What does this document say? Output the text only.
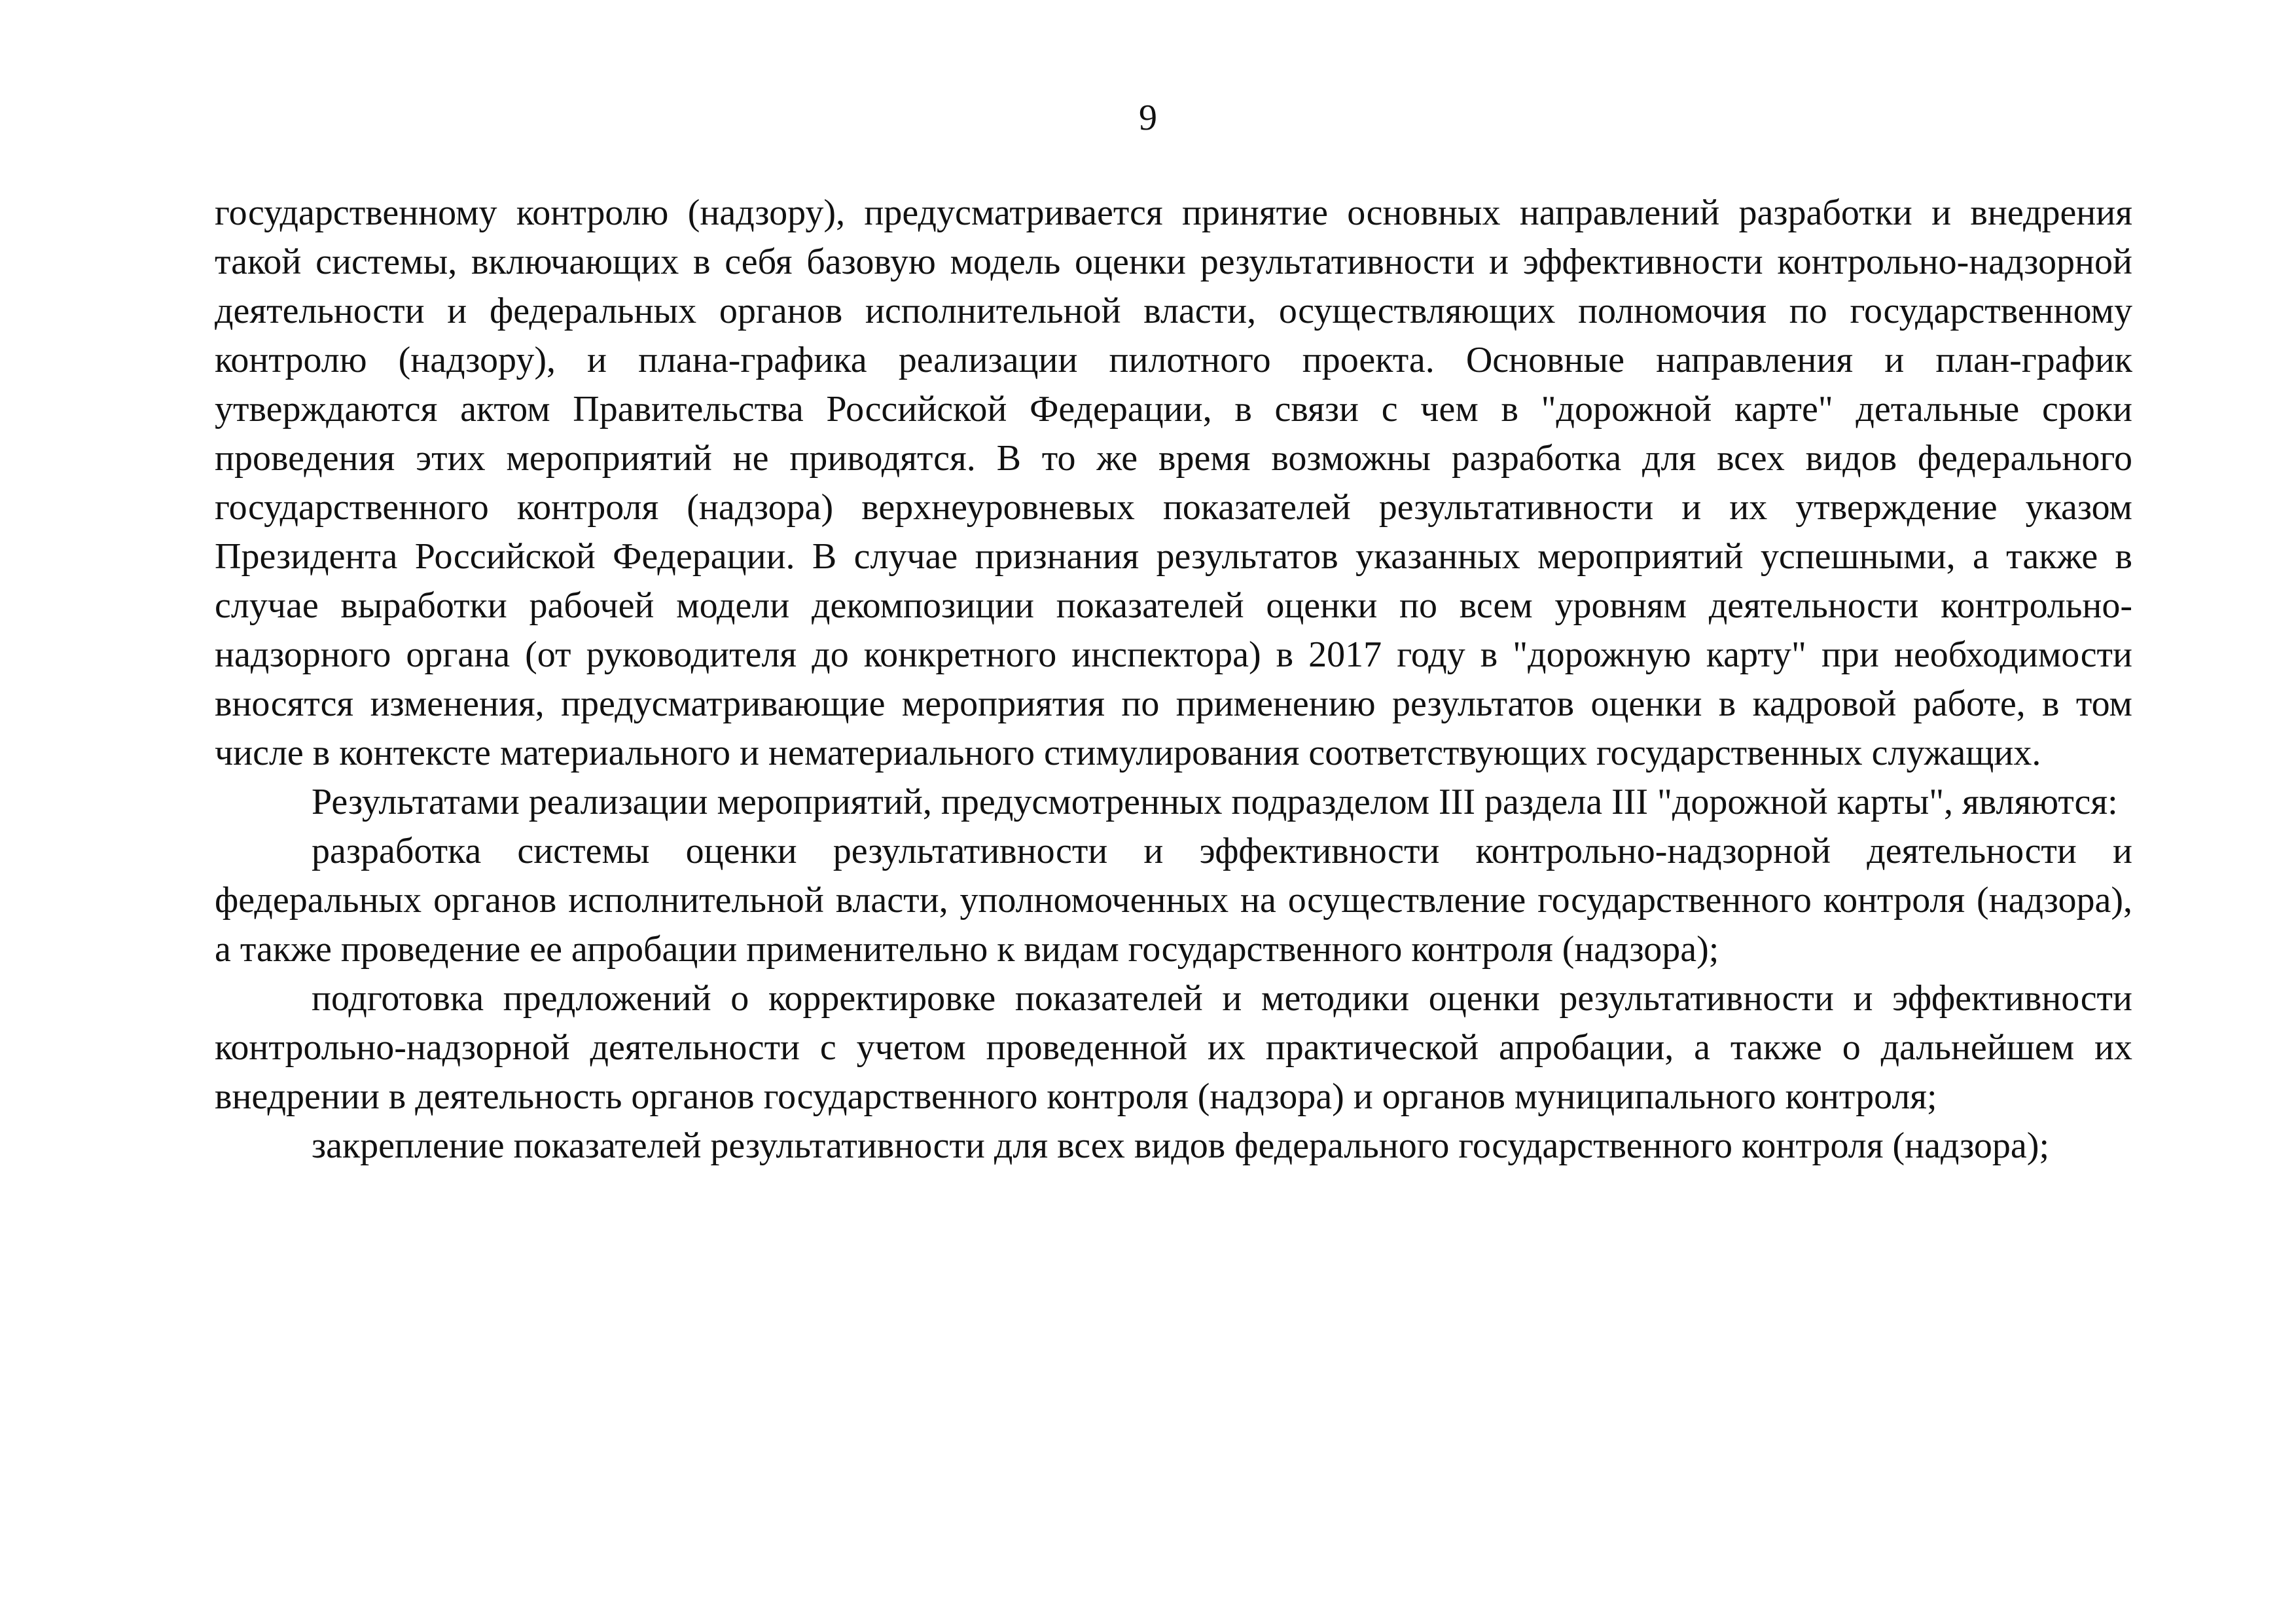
9

государственному контролю (надзору), предусматривается принятие основных направлений разработки и внедрения такой системы, включающих в себя базовую модель оценки результативности и эффективности контрольно-надзорной деятельности и федеральных органов исполнительной власти, осуществляющих полномочия по государственному контролю (надзору), и плана-графика реализации пилотного проекта. Основные направления и план-график утверждаются актом Правительства Российской Федерации, в связи с чем в "дорожной карте" детальные сроки проведения этих мероприятий не приводятся. В то же время возможны разработка для всех видов федерального государственного контроля (надзора) верхнеуровневых показателей результативности и их утверждение указом Президента Российской Федерации. В случае признания результатов указанных мероприятий успешными, а также в случае выработки рабочей модели декомпозиции показателей оценки по всем уровням деятельности контрольно-надзорного органа (от руководителя до конкретного инспектора) в 2017 году в "дорожную карту" при необходимости вносятся изменения, предусматривающие мероприятия по применению результатов оценки в кадровой работе, в том числе в контексте материального и нематериального стимулирования соответствующих государственных служащих.

Результатами реализации мероприятий, предусмотренных подразделом III раздела III "дорожной карты", являются:

разработка системы оценки результативности и эффективности контрольно-надзорной деятельности и федеральных органов исполнительной власти, уполномоченных на осуществление государственного контроля (надзора), а также проведение ее апробации применительно к видам государственного контроля (надзора);

подготовка предложений о корректировке показателей и методики оценки результативности и эффективности контрольно-надзорной деятельности с учетом проведенной их практической апробации, а также о дальнейшем их внедрении в деятельность органов государственного контроля (надзора) и органов муниципального контроля;

закрепление показателей результативности для всех видов федерального государственного контроля (надзора);
